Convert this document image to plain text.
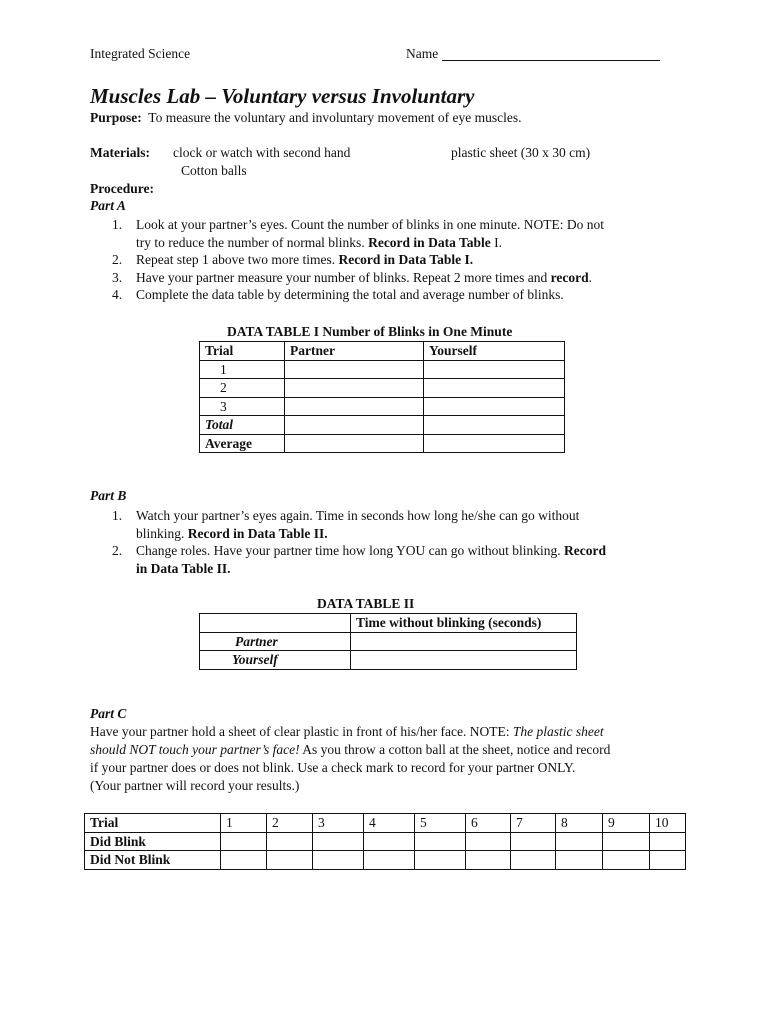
Integrated Science	Name
Muscles Lab – Voluntary versus Involuntary
Purpose: To measure the voluntary and involuntary movement of eye muscles.
Materials: clock or watch with second hand	plastic sheet (30 x 30 cm)
Cotton balls
Procedure:
Part A
1. Look at your partner’s eyes. Count the number of blinks in one minute. NOTE: Do not
try to reduce the number of normal blinks. Record in Data Table I.
2. Repeat step 1 above two more times. Record in Data Table I.
3. Have your partner measure your number of blinks. Repeat 2 more times and record.
4. Complete the data table by determining the total and average number of blinks.
DATA TABLE I Number of Blinks in One Minute
Trial	Partner	Yourself
1		
2		
3		
Total		
Average		
Part B
1. Watch your partner’s eyes again. Time in seconds how long he/she can go without
blinking. Record in Data Table II.
2. Change roles. Have your partner time how long YOU can go without blinking. Record
in Data Table II.
DATA TABLE II
	Time without blinking (seconds)
Partner	
Yourself	
Part C
Have your partner hold a sheet of clear plastic in front of his/her face. NOTE: The plastic sheet
should NOT touch your partner’s face! As you throw a cotton ball at the sheet, notice and record
if your partner does or does not blink. Use a check mark to record for your partner ONLY.
(Your partner will record your results.)
Trial	1	2	3	4	5	6	7	8	9	10
Did Blink										
Did Not Blink										
